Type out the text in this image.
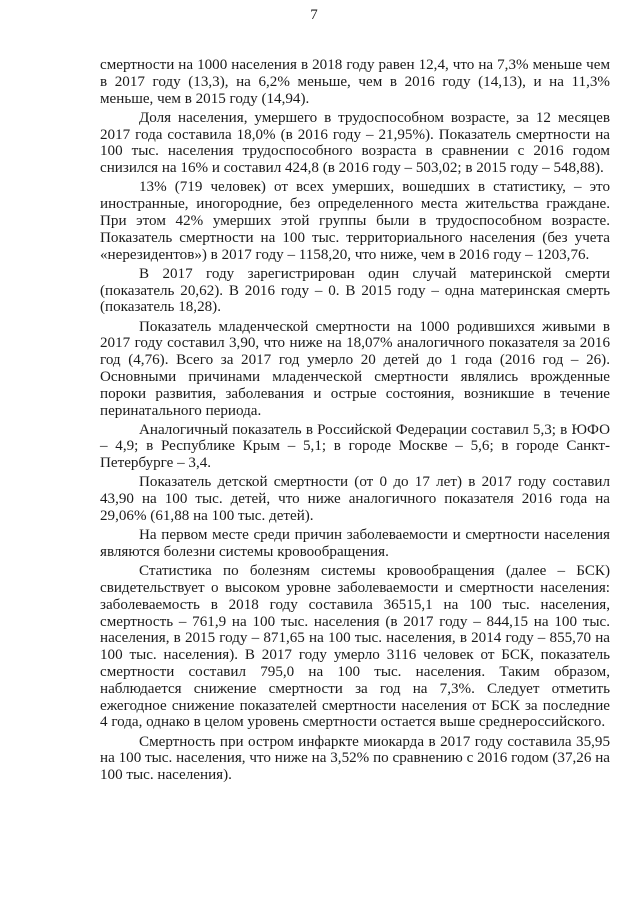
7

смертности на 1000 населения в 2018 году равен 12,4, что на 7,3% меньше чем в 2017 году (13,3), на 6,2% меньше, чем в 2016 году (14,13), и на 11,3% меньше, чем в 2015 году (14,94).

Доля населения, умершего в трудоспособном возрасте, за 12 месяцев 2017 года составила 18,0% (в 2016 году – 21,95%). Показатель смертности на 100 тыс. населения трудоспособного возраста в сравнении с 2016 годом снизился на 16% и составил 424,8 (в 2016 году – 503,02; в 2015 году – 548,88).

13% (719 человек) от всех умерших, вошедших в статистику, – это иностранные, иногородние, без определенного места жительства граждане. При этом 42% умерших этой группы были в трудоспособном возрасте. Показатель смертности на 100 тыс. территориального населения (без учета «нерезидентов») в 2017 году – 1158,20, что ниже, чем в 2016 году – 1203,76.

В 2017 году зарегистрирован один случай материнской смерти (показатель 20,62). В 2016 году – 0. В 2015 году – одна материнская смерть (показатель 18,28).

Показатель младенческой смертности на 1000 родившихся живыми в 2017 году составил 3,90, что ниже на 18,07% аналогичного показателя за 2016 год (4,76). Всего за 2017 год умерло 20 детей до 1 года (2016 год – 26). Основными причинами младенческой смертности являлись врожденные пороки развития, заболевания и острые состояния, возникшие в течение перинатального периода.

Аналогичный показатель в Российской Федерации составил 5,3; в ЮФО – 4,9; в Республике Крым – 5,1; в городе Москве – 5,6; в городе Санкт-Петербурге – 3,4.

Показатель детской смертности (от 0 до 17 лет) в 2017 году составил 43,90 на 100 тыс. детей, что ниже аналогичного показателя 2016 года на 29,06% (61,88 на 100 тыс. детей).

На первом месте среди причин заболеваемости и смертности населения являются болезни системы кровообращения.

Статистика по болезням системы кровообращения (далее – БСК) свидетельствует о высоком уровне заболеваемости и смертности населения: заболеваемость в 2018 году составила 36515,1 на 100 тыс. населения, смертность – 761,9 на 100 тыс. населения (в 2017 году – 844,15 на 100 тыс. населения, в 2015 году – 871,65 на 100 тыс. населения, в 2014 году – 855,70 на 100 тыс. населения). В 2017 году умерло 3116 человек от БСК, показатель смертности составил 795,0 на 100 тыс. населения. Таким образом, наблюдается снижение смертности за год на 7,3%. Следует отметить ежегодное снижение показателей смертности населения от БСК за последние 4 года, однако в целом уровень смертности остается выше среднероссийского.

Смертность при остром инфаркте миокарда в 2017 году составила 35,95 на 100 тыс. населения, что ниже на 3,52% по сравнению с 2016 годом (37,26 на 100 тыс. населения).
